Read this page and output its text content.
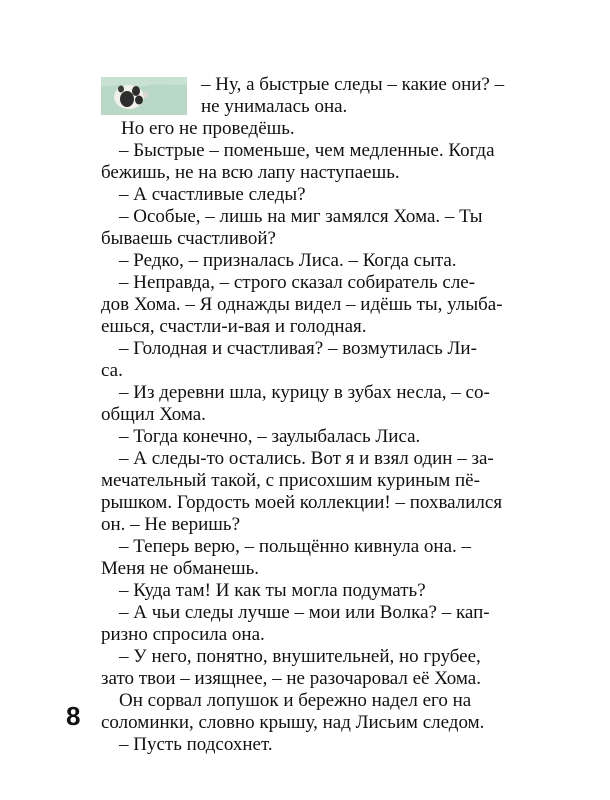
– Ну, а быстрые следы – какие они? –
не унималась она.
Но его не проведёшь.
– Быстрые – поменьше, чем медленные. Когда
бежишь, не на всю лапу наступаешь.
– А счастливые следы?
– Особые, – лишь на миг замялся Хома. – Ты
бываешь счастливой?
– Редко, – призналась Лиса. – Когда сыта.
– Неправда, – строго сказал собиратель сле-
дов Хома. – Я однажды видел – идёшь ты, улыба-
ешься, счастли-и-вая и голодная.
– Голодная и счастливая? – возмутилась Ли-
са.
– Из деревни шла, курицу в зубах несла, – со-
общил Хома.
– Тогда конечно, – заулыбалась Лиса.
– А следы-то остались. Вот я и взял один – за-
мечательный такой, с присохшим куриным пё-
рышком. Гордость моей коллекции! – похвалился
он. – Не веришь?
– Теперь верю, – польщённо кивнула она. –
Меня не обманешь.
– Куда там! И как ты могла подумать?
– А чьи следы лучше – мои или Волка? – кап-
ризно спросила она.
– У него, понятно, внушительней, но грубее,
зато твои – изящнее, – не разочаровал её Хома.
Он сорвал лопушок и бережно надел его на
соломинки, словно крышу, над Лисьим следом.
– Пусть подсохнет.
8
